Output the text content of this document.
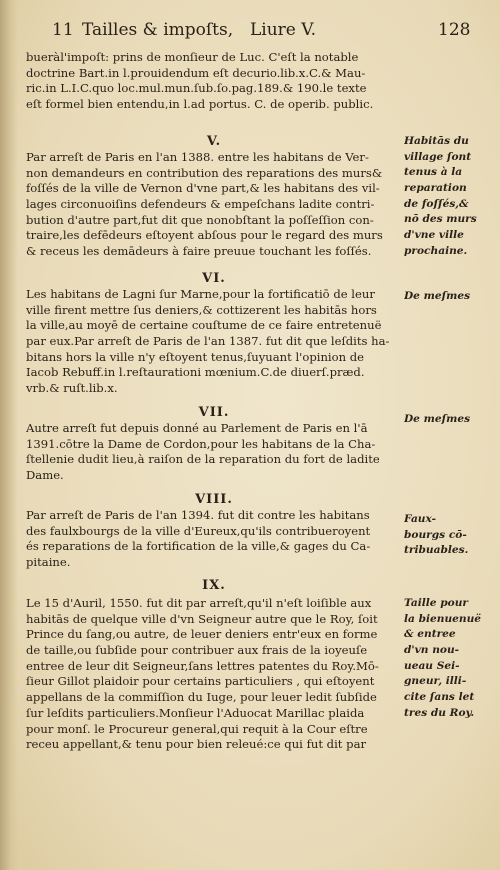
11 Tailles & impoſts, Liure V.	128
bueràl'impoſt: prins de monſieur de Luc. C'eſt la notable
doctrine Bart.in l.prouidendum eſt decurio.lib.x.C.& Mau-
ric.in L.I.C.quo loc.mul.mun.ſub.ſo.pag.189.& 190.le texte
eſt formel bien entendu,in l.ad portus. C. de operib. public.
V.
Par arreſt de Paris en l'an 1388. entre les habitans de Ver-
non demandeurs en contribution des reparations des murs&
foſſés de la ville de Vernon d'vne part,& les habitans des vil-
lages circonuoiſins defendeurs & empeſchans ladite contri-
bution d'autre part,fut dit que nonobſtant la poſſeſſion con-
traire,les defēdeurs eſtoyent abſous pour le regard des murs
& receus les demādeurs à faire preuue touchant les foſſés.
Habitās du
village ſont
tenus à la
reparation
de foſſés,&
nō des murs
d'vne ville
prochaine.
VI.
Les habitans de Lagni ſur Marne,pour la fortificatiō de leur
ville firent mettre ſus deniers,& cottizerent les habitās hors
la ville,au moyē de certaine couſtume de ce faire entretenuë
par eux.Par arreſt de Paris de l'an 1387. fut dit que leſdits ha-
bitans hors la ville n'y eſtoyent tenus,ſuyuant l'opinion de
Iacob Rebuff.in l.reſtaurationi mœnium.C.de diuerſ.præd.
vrb.& ruſt.lib.x.
De meſmes
VII.
Autre arreſt fut depuis donné au Parlement de Paris en l'ā
1391.cōtre la Dame de Cordon,pour les habitans de la Cha-
ſtellenie dudit lieu,à raiſon de la reparation du fort de ladite
Dame.
De meſmes
VIII.
Par arreſt de Paris de l'an 1394. fut dit contre les habitans
des faulxbourgs de la ville d'Eureux,qu'ils contribueroyent
és reparations de la fortification de la ville,& gages du Ca-
pitaine.
Faux-
bourgs cō-
tribuables.
IX.
Le 15 d'Auril, 1550. fut dit par arreſt,qu'il n'eſt loiſible aux
habitās de quelque ville d'vn Seigneur autre que le Roy, ſoit
Prince du ſang,ou autre, de leuer deniers entr'eux en forme
de taille,ou ſubſide pour contribuer aux frais de la ioyeuſe
entree de leur dit Seigneur,ſans lettres patentes du Roy.Mō-
ſieur Gillot plaidoir pour certains particuliers , qui eſtoyent
appellans de la commiſſion du Iuge, pour leuer ledit ſubſide
ſur leſdits particuliers.Monſieur l'Aduocat Marillac plaida
pour monſ. le Procureur general,qui requit à la Cour eſtre
receu appellant,& tenu pour bien releué:ce qui fut dit par
Taille pour
la bienuenuë
& entree
d'vn nou-
ueau Sei-
gneur, illi-
cite ſans let
tres du Roy.
